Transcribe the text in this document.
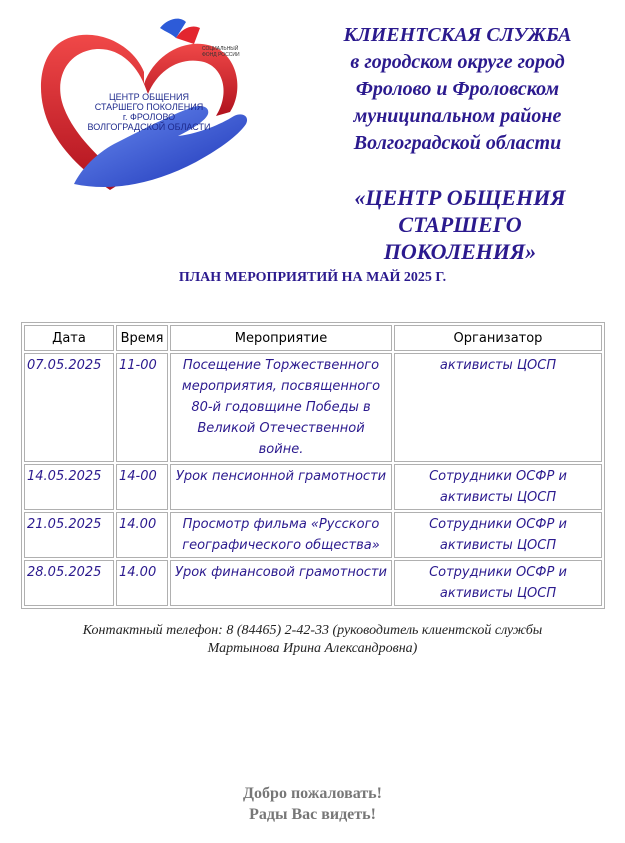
СОЦИАЛЬНЫЙ
ФОНД РОССИИ
ЦЕНТР ОБЩЕНИЯ
СТАРШЕГО ПОКОЛЕНИЯ
г. ФРОЛОВО
ВОЛГОГРАДСКОЙ ОБЛАСТИ
КЛИЕНТСКАЯ СЛУЖБА
в городском округе город
Фролово и Фроловском
муниципальном районе
Волгоградской области
«ЦЕНТР ОБЩЕНИЯ
СТАРШЕГО
ПОКОЛЕНИЯ»
ПЛАН МЕРОПРИЯТИЙ НА МАЙ 2025 Г.
Дата	Время	Мероприятие	Организатор
07.05.2025	11-00	Посещение Торжественного мероприятия, посвященного 80-й годовщине Победы в Великой Отечественной войне.	активисты ЦОСП
14.05.2025	14-00	Урок пенсионной грамотности	Сотрудники ОСФР и активисты ЦОСП
21.05.2025	14.00	Просмотр фильма «Русского географического общества»	Сотрудники ОСФР и активисты ЦОСП
28.05.2025	14.00	Урок финансовой грамотности	Сотрудники ОСФР и активисты ЦОСП
Контактный телефон: 8 (84465) 2-42-33 (руководитель клиентской службы
Мартынова Ирина Александровна)
Добро пожаловать!
Рады Вас видеть!
